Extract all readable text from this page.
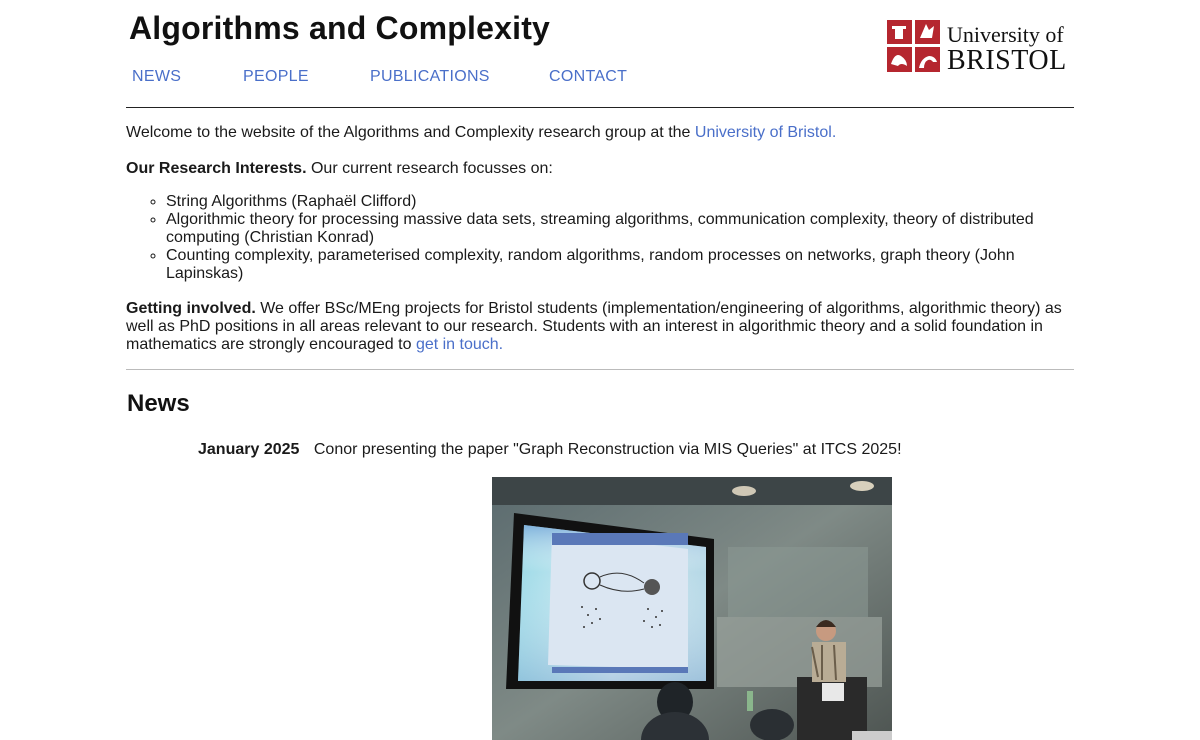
Algorithms and Complexity
NEWS	PEOPLE	PUBLICATIONS	CONTACT
University of
BRISTOL

Welcome to the website of the Algorithms and Complexity research group at the University of Bristol.

Our Research Interests. Our current research focusses on:

◦ String Algorithms (Raphaël Clifford)
◦ Algorithmic theory for processing massive data sets, streaming algorithms, communication complexity, theory of distributed computing (Christian Konrad)
◦ Counting complexity, parameterised complexity, random algorithms, random processes on networks, graph theory (John Lapinskas)

Getting involved. We offer BSc/MEng projects for Bristol students (implementation/engineering of algorithms, algorithmic theory) as well as PhD positions in all areas relevant to our research. Students with an interest in algorithmic theory and a solid foundation in mathematics are strongly encouraged to get in touch.

News
January 2025 Conor presenting the paper "Graph Reconstruction via MIS Queries" at ITCS 2025!
